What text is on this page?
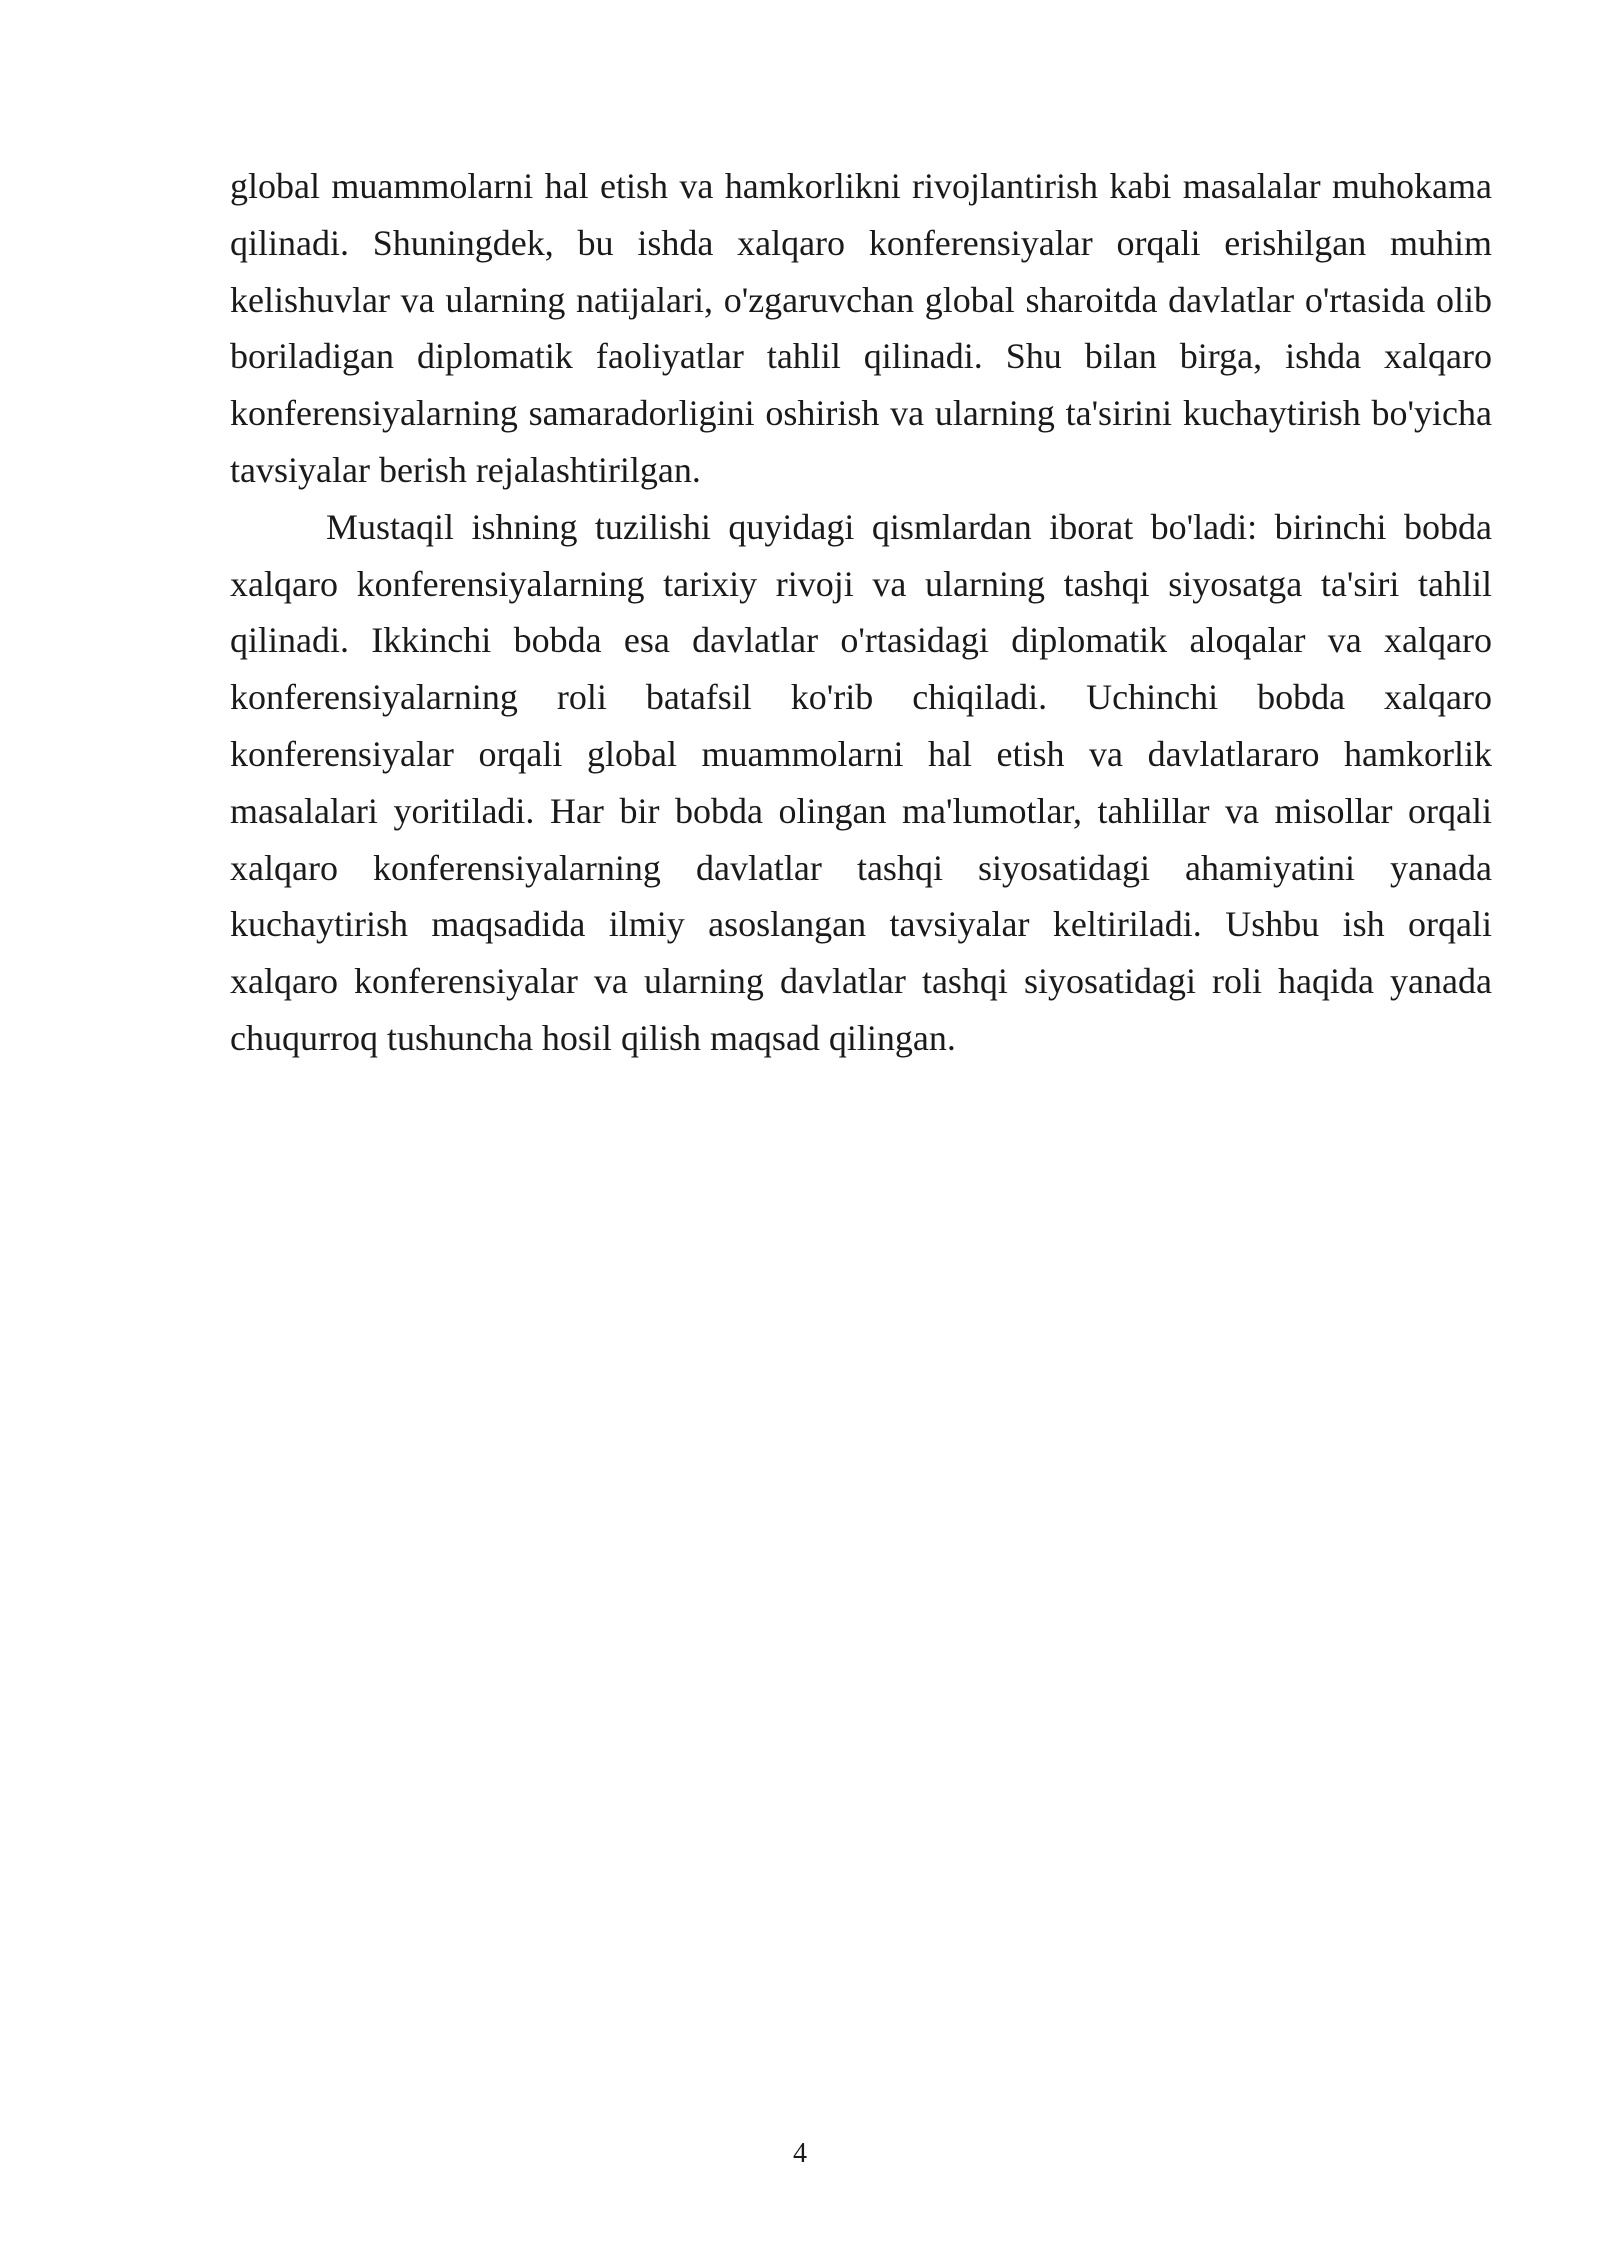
global muammolarni hal etish va hamkorlikni rivojlantirish kabi masalalar muhokama qilinadi. Shuningdek, bu ishda xalqaro konferensiyalar orqali erishilgan muhim kelishuvlar va ularning natijalari, o'zgaruvchan global sharoitda davlatlar o'rtasida olib boriladigan diplomatik faoliyatlar tahlil qilinadi. Shu bilan birga, ishda xalqaro konferensiyalarning samaradorligini oshirish va ularning ta'sirini kuchaytirish bo'yicha tavsiyalar berish rejalashtirilgan.

Mustaqil ishning tuzilishi quyidagi qismlardan iborat bo'ladi: birinchi bobda xalqaro konferensiyalarning tarixiy rivoji va ularning tashqi siyosatga ta'siri tahlil qilinadi. Ikkinchi bobda esa davlatlar o'rtasidagi diplomatik aloqalar va xalqaro konferensiyalarning roli batafsil ko'rib chiqiladi. Uchinchi bobda xalqaro konferensiyalar orqali global muammolarni hal etish va davlatlararo hamkorlik masalalari yoritiladi. Har bir bobda olingan ma'lumotlar, tahlillar va misollar orqali xalqaro konferensiyalarning davlatlar tashqi siyosatidagi ahamiyatini yanada kuchaytirish maqsadida ilmiy asoslangan tavsiyalar keltiriladi. Ushbu ish orqali xalqaro konferensiyalar va ularning davlatlar tashqi siyosatidagi roli haqida yanada chuqurroq tushuncha hosil qilish maqsad qilingan.

4
